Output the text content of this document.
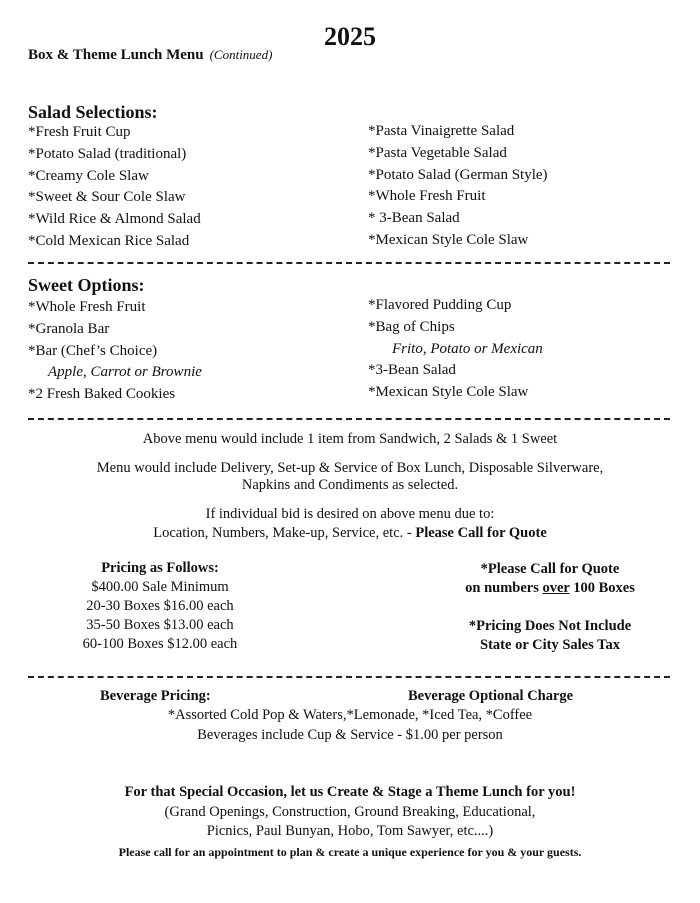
2025
Box & Theme Lunch Menu (Continued)
Salad Selections:
*Fresh Fruit Cup
*Potato Salad (traditional)
*Creamy Cole Slaw
*Sweet & Sour Cole Slaw
*Wild Rice & Almond Salad
*Cold Mexican Rice Salad
*Pasta Vinaigrette Salad
*Pasta Vegetable Salad
*Potato Salad (German Style)
*Whole Fresh Fruit
* 3-Bean Salad
*Mexican Style Cole Slaw
Sweet Options:
*Whole Fresh Fruit
*Granola Bar
*Bar (Chef’s Choice)
Apple, Carrot or Brownie
*2 Fresh Baked Cookies
*Flavored Pudding Cup
*Bag of Chips
Frito, Potato or Mexican
*3-Bean Salad
*Mexican Style Cole Slaw
Above menu would include 1 item from Sandwich, 2 Salads & 1 Sweet
Menu would include Delivery, Set-up & Service of Box Lunch, Disposable Silverware,
Napkins and Condiments as selected.
If individual bid is desired on above menu due to:
Location, Numbers, Make-up, Service, etc. - Please Call for Quote
Pricing as Follows:
$400.00 Sale Minimum
20-30 Boxes $16.00 each
35-50 Boxes $13.00 each
60-100 Boxes $12.00 each
*Please Call for Quote
on numbers over 100 Boxes
*Pricing Does Not Include
State or City Sales Tax
Beverage Pricing:	Beverage Optional Charge
*Assorted Cold Pop & Waters,*Lemonade, *Iced Tea, *Coffee
Beverages include Cup & Service - $1.00 per person
For that Special Occasion, let us Create & Stage a Theme Lunch for you!
(Grand Openings, Construction, Ground Breaking, Educational,
Picnics, Paul Bunyan, Hobo, Tom Sawyer, etc....)
Please call for an appointment to plan & create a unique experience for you & your guests.
